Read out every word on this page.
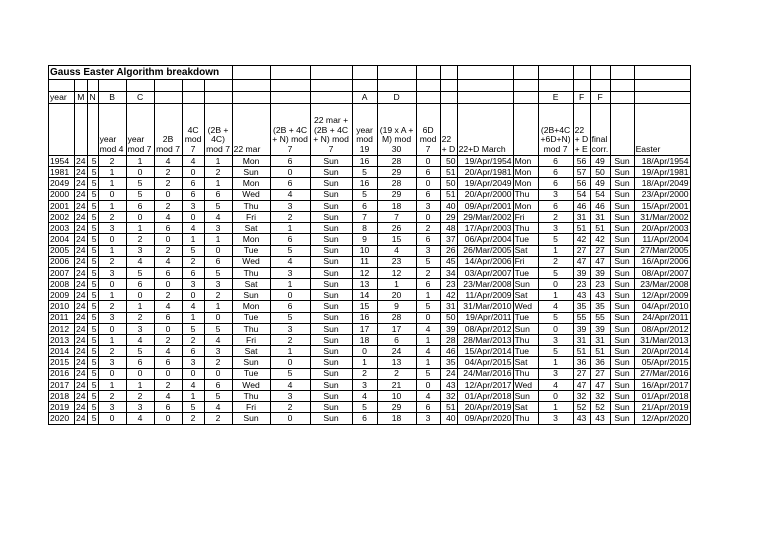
Gauss Easter Algorithm breakdown																					

year	M	N	B	C							A	D					E	F	F		
			year mod 4	year mod 7	2B mod 7	4C mod 7	(2B + 4C) mod 7	22 mar	(2B + 4C + N) mod 7	22 mar + (2B + 4C + N) mod 7	year mod 19	(19 x A + M) mod 30	6D mod 7	22 + D	22+D March		(2B+4C +6D+N) mod 7	22 + D + E	final corr.		Easter
1954	24	5	2	1	4	4	1	Mon	6	Sun	16	28	0	50	19/Apr/1954	Mon	6	56	49	Sun	18/Apr/1954
1981	24	5	1	0	2	0	2	Sun	0	Sun	5	29	6	51	20/Apr/1981	Mon	6	57	50	Sun	19/Apr/1981
2049	24	5	1	5	2	6	1	Mon	6	Sun	16	28	0	50	19/Apr/2049	Mon	6	56	49	Sun	18/Apr/2049
2000	24	5	0	5	0	6	6	Wed	4	Sun	5	29	6	51	20/Apr/2000	Thu	3	54	54	Sun	23/Apr/2000
2001	24	5	1	6	2	3	5	Thu	3	Sun	6	18	3	40	09/Apr/2001	Mon	6	46	46	Sun	15/Apr/2001
2002	24	5	2	0	4	0	4	Fri	2	Sun	7	7	0	29	29/Mar/2002	Fri	2	31	31	Sun	31/Mar/2002
2003	24	5	3	1	6	4	3	Sat	1	Sun	8	26	2	48	17/Apr/2003	Thu	3	51	51	Sun	20/Apr/2003
2004	24	5	0	2	0	1	1	Mon	6	Sun	9	15	6	37	06/Apr/2004	Tue	5	42	42	Sun	11/Apr/2004
2005	24	5	1	3	2	5	0	Tue	5	Sun	10	4	3	26	26/Mar/2005	Sat	1	27	27	Sun	27/Mar/2005
2006	24	5	2	4	4	2	6	Wed	4	Sun	11	23	5	45	14/Apr/2006	Fri	2	47	47	Sun	16/Apr/2006
2007	24	5	3	5	6	6	5	Thu	3	Sun	12	12	2	34	03/Apr/2007	Tue	5	39	39	Sun	08/Apr/2007
2008	24	5	0	6	0	3	3	Sat	1	Sun	13	1	6	23	23/Mar/2008	Sun	0	23	23	Sun	23/Mar/2008
2009	24	5	1	0	2	0	2	Sun	0	Sun	14	20	1	42	11/Apr/2009	Sat	1	43	43	Sun	12/Apr/2009
2010	24	5	2	1	4	4	1	Mon	6	Sun	15	9	5	31	31/Mar/2010	Wed	4	35	35	Sun	04/Apr/2010
2011	24	5	3	2	6	1	0	Tue	5	Sun	16	28	0	50	19/Apr/2011	Tue	5	55	55	Sun	24/Apr/2011
2012	24	5	0	3	0	5	5	Thu	3	Sun	17	17	4	39	08/Apr/2012	Sun	0	39	39	Sun	08/Apr/2012
2013	24	5	1	4	2	2	4	Fri	2	Sun	18	6	1	28	28/Mar/2013	Thu	3	31	31	Sun	31/Mar/2013
2014	24	5	2	5	4	6	3	Sat	1	Sun	0	24	4	46	15/Apr/2014	Tue	5	51	51	Sun	20/Apr/2014
2015	24	5	3	6	6	3	2	Sun	0	Sun	1	13	1	35	04/Apr/2015	Sat	1	36	36	Sun	05/Apr/2015
2016	24	5	0	0	0	0	0	Tue	5	Sun	2	2	5	24	24/Mar/2016	Thu	3	27	27	Sun	27/Mar/2016
2017	24	5	1	1	2	4	6	Wed	4	Sun	3	21	0	43	12/Apr/2017	Wed	4	47	47	Sun	16/Apr/2017
2018	24	5	2	2	4	1	5	Thu	3	Sun	4	10	4	32	01/Apr/2018	Sun	0	32	32	Sun	01/Apr/2018
2019	24	5	3	3	6	5	4	Fri	2	Sun	5	29	6	51	20/Apr/2019	Sat	1	52	52	Sun	21/Apr/2019
2020	24	5	0	4	0	2	2	Sun	0	Sun	6	18	3	40	09/Apr/2020	Thu	3	43	43	Sun	12/Apr/2020
